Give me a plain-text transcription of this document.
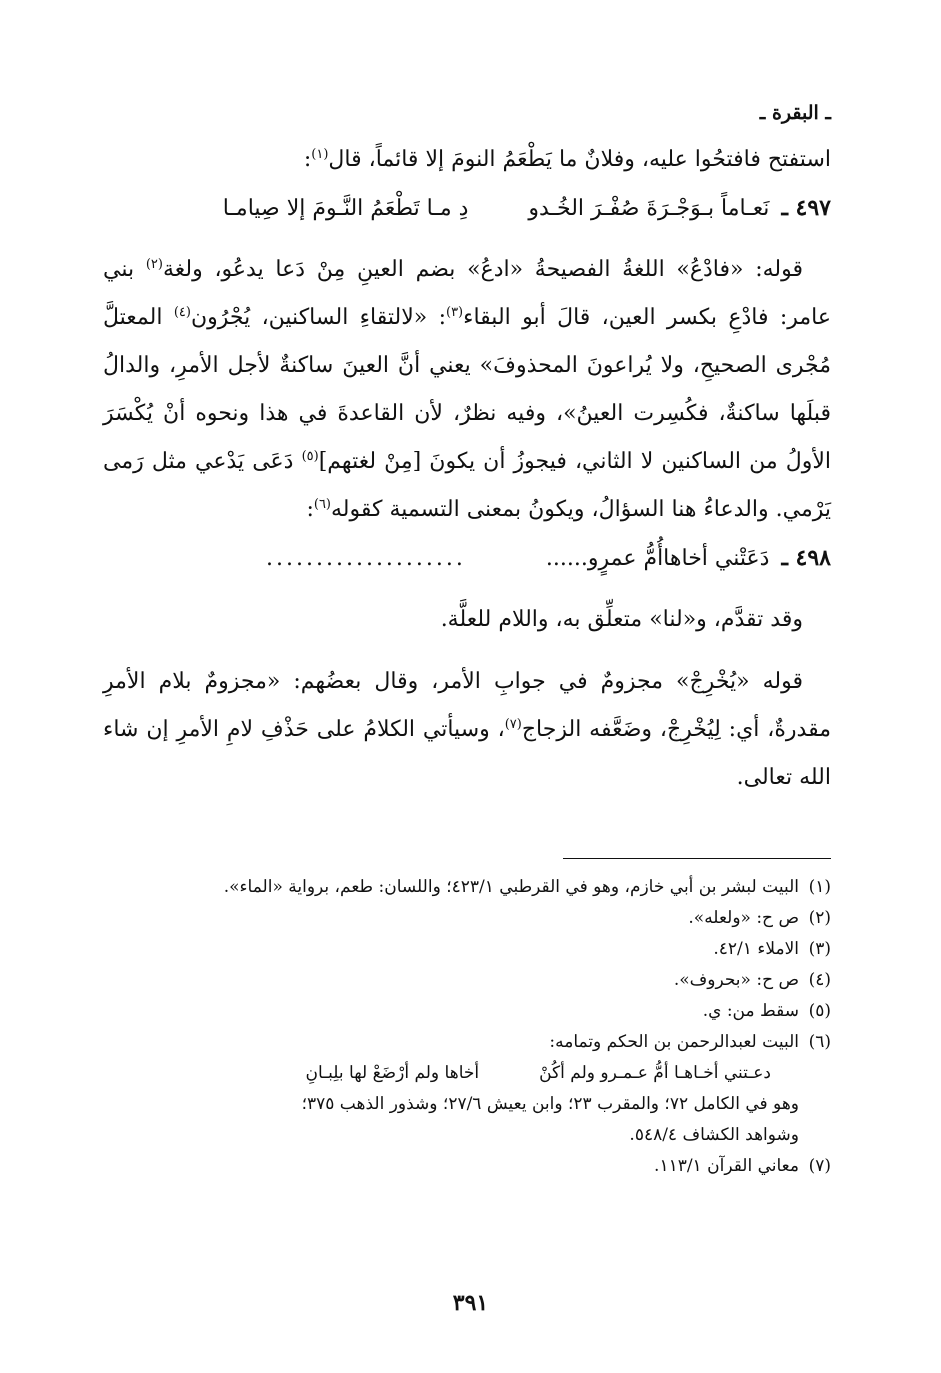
ـ البقرة ـ

استفتح فافتحُوا عليه، وفلانٌ ما يَطْعَمُ النومَ إلا قائماً، قال$^{(١)}$:

٤٩٧ ـ
نَعـاماً بـوَجْـرَةَ صُفْـرَ الخُـدو
دِ مـا تَطْعَمُ النَّـومَ إلا صِيامـا

قوله: «فادْعُ» اللغةُ الفصيحةُ «ادعُ» بضم العينِ مِنْ دَعا يدعُو، ولغة$^{(٢)}$ بني عامر: فادْعِ بكسر العين، قالَ أبو البقاء$^{(٣)}$: «لالتقاءِ الساكنين، يُجْرُون$^{(٤)}$ المعتلَّ مُجْرى الصحيحِ، ولا يُراعونَ المحذوفَ» يعني أنَّ العينَ ساكنةٌ لأجل الأمرِ، والدالُ قبلَها ساكنةٌ، فكُسِرت العينُ»، وفيه نظرٌ، لأن القاعدةَ في هذا ونحوه أنْ يُكْسَرَ الأولُ من الساكنين لا الثاني، فيجوزُ أن يكونَ [مِنْ لغتهم]$^{(٥)}$ دَعَى يَدْعي مثل رَمى يَرْمي. والدعاءُ هنا السؤالُ، ويكونُ بمعنى التسمية كقوله$^{(٦)}$:

٤٩٨ ـ
دَعَتْني أخاهاأُمُّ عمرٍو......
....................

وقد تقدَّم، و«لنا» متعلِّق به، واللام للعلَّة.

قوله «يُخْرِجْ» مجزومٌ في جوابِ الأمر، وقال بعضُهم: «مجزومٌ بلام الأمرِ مقدرةٌ، أي: لِيُخْرِجْ، وضَعَّفه الزجاج$^{(٧)}$، وسيأتي الكلامُ على حَذْفِ لامِ الأمرِ إن شاء الله تعالى.

(١)
البيت لبشر بن أبي خازم، وهو في القرطبي ٤٢٣/١؛ واللسان: طعم، برواية «الماء».
(٢)
ص ح: «ولعله».
(٣)
الاملاء ٤٢/١.
(٤)
ص ح: «بحروف».
(٥)
سقط من: ي.
(٦)
البيت لعبدالرحمن بن الحكم وتمامه:
دعـتني أخـاهـا أمُّ عـمـرو ولم أكُنْ
أخاها ولم أرْضَعْ لها بلِبـانِ
وهو في الكامل ٧٢؛ والمقرب ٢٣؛ وابن يعيش ٢٧/٦؛ وشذور الذهب ٣٧٥؛
وشواهد الكشاف ٥٤٨/٤.
(٧)
معاني القرآن ١١٣/١.
٣٩١
